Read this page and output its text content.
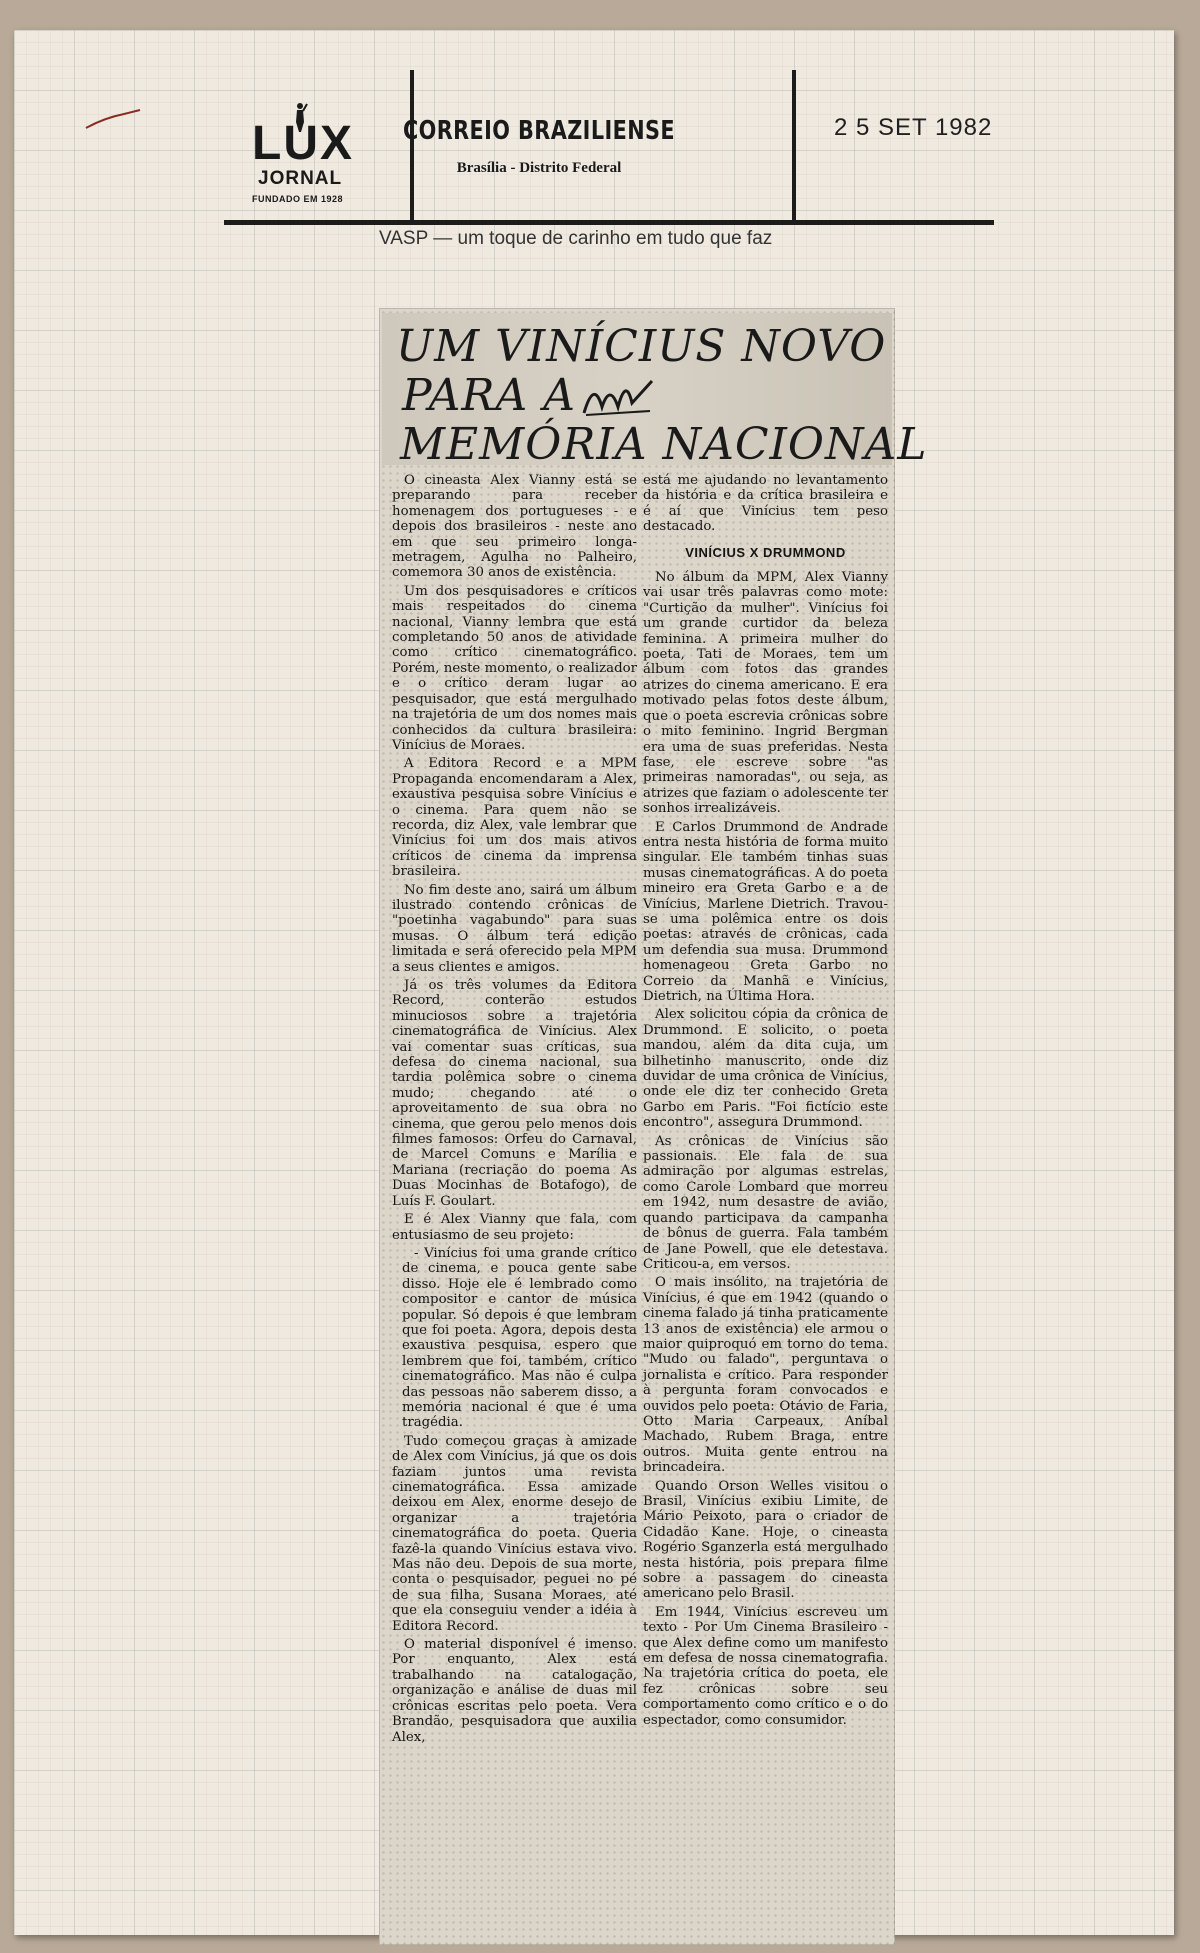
LUX
JORNAL
FUNDADO EM 1928
CORREIO BRAZILIENSE
Brasília - Distrito Federal
2 5 SET 1982
VASP — um toque de carinho em tudo que faz
UM VINÍCIUS NOVO
PARA A
MEMÓRIA NACIONAL

O cineasta Alex Vianny está se preparando para receber homenagem dos portugueses - e depois dos brasileiros - neste ano em que seu primeiro longa-metragem, Agulha no Palheiro, comemora 30 anos de existência.

Um dos pesquisadores e críticos mais respeitados do cinema nacional, Vianny lembra que está completando 50 anos de atividade como crítico cinematográfico. Porém, neste momento, o realizador e o crítico deram lugar ao pesquisador, que está mergulhado na trajetória de um dos nomes mais conhecidos da cultura brasileira: Vinícius de Moraes.

A Editora Record e a MPM Propaganda encomendaram a Alex, exaustiva pesquisa sobre Vinícius e o cinema. Para quem não se recorda, diz Alex, vale lembrar que Vinícius foi um dos mais ativos críticos de cinema da imprensa brasileira.

No fim deste ano, sairá um álbum ilustrado contendo crônicas de "poetinha vagabundo" para suas musas. O álbum terá edição limitada e será oferecido pela MPM a seus clientes e amigos.

Já os três volumes da Editora Record, conterão estudos minuciosos sobre a trajetória cinematográfica de Vinícius. Alex vai comentar suas críticas, sua defesa do cinema nacional, sua tardia polêmica sobre o cinema mudo; chegando até o aproveitamento de sua obra no cinema, que gerou pelo menos dois filmes famosos: Orfeu do Carnaval, de Marcel Comuns e Marília e Mariana (recriação do poema As Duas Mocinhas de Botafogo), de Luís F. Goulart.

E é Alex Vianny que fala, com entusiasmo de seu projeto:

- Vinícius foi uma grande crítico de cinema, e pouca gente sabe disso. Hoje ele é lembrado como compositor e cantor de música popular. Só depois é que lembram que foi poeta. Agora, depois desta exaustiva pesquisa, espero que lembrem que foi, também, crítico cinematográfico. Mas não é culpa das pessoas não saberem disso, a memória nacional é que é uma tragédia.

Tudo começou graças à amizade de Alex com Vinícius, já que os dois faziam juntos uma revista cinematográfica. Essa amizade deixou em Alex, enorme desejo de organizar a trajetória cinematográfica do poeta. Queria fazê-la quando Vinícius estava vivo. Mas não deu. Depois de sua morte, conta o pesquisador, peguei no pé de sua filha, Susana Moraes, até que ela conseguiu vender a idéia à Editora Record.

O material disponível é imenso. Por enquanto, Alex está trabalhando na catalogação, organização e análise de duas mil crônicas escritas pelo poeta. Vera Brandão, pesquisadora que auxilia Alex,

está me ajudando no levantamento da história e da crítica brasileira e é aí que Vinícius tem peso destacado.

VINÍCIUS X DRUMMOND

No álbum da MPM, Alex Vianny vai usar três palavras como mote: "Curtição da mulher". Vinícius foi um grande curtidor da beleza feminina. A primeira mulher do poeta, Tati de Moraes, tem um álbum com fotos das grandes atrizes do cinema americano. E era motivado pelas fotos deste álbum, que o poeta escrevia crônicas sobre o mito feminino. Ingrid Bergman era uma de suas preferidas. Nesta fase, ele escreve sobre "as primeiras namoradas", ou seja, as atrizes que faziam o adolescente ter sonhos irrealizáveis.

E Carlos Drummond de Andrade entra nesta história de forma muito singular. Ele também tinhas suas musas cinematográficas. A do poeta mineiro era Greta Garbo e a de Vinícius, Marlene Dietrich. Travou-se uma polêmica entre os dois poetas: através de crônicas, cada um defendia sua musa. Drummond homenageou Greta Garbo no Correio da Manhã e Vinícius, Dietrich, na Última Hora.

Alex solicitou cópia da crônica de Drummond. E solicito, o poeta mandou, além da dita cuja, um bilhetinho manuscrito, onde diz duvidar de uma crônica de Vinícius, onde ele diz ter conhecido Greta Garbo em Paris. "Foi fictício este encontro", assegura Drummond.

As crônicas de Vinícius são passionais. Ele fala de sua admiração por algumas estrelas, como Carole Lombard que morreu em 1942, num desastre de avião, quando participava da campanha de bônus de guerra. Fala também de Jane Powell, que ele detestava. Criticou-a, em versos.

O mais insólito, na trajetória de Vinícius, é que em 1942 (quando o cinema falado já tinha praticamente 13 anos de existência) ele armou o maior quiproquó em torno do tema. "Mudo ou falado", perguntava o jornalista e crítico. Para responder à pergunta foram convocados e ouvidos pelo poeta: Otávio de Faria, Otto Maria Carpeaux, Aníbal Machado, Rubem Braga, entre outros. Muita gente entrou na brincadeira.

Quando Orson Welles visitou o Brasil, Vinícius exibiu Limite, de Mário Peixoto, para o criador de Cidadão Kane. Hoje, o cineasta Rogério Sganzerla está mergulhado nesta história, pois prepara filme sobre a passagem do cineasta americano pelo Brasil.

Em 1944, Vinícius escreveu um texto - Por Um Cinema Brasileiro - que Alex define como um manifesto em defesa de nossa cinematografia. Na trajetória crítica do poeta, ele fez crônicas sobre seu comportamento como crítico e o do espectador, como consumidor.
